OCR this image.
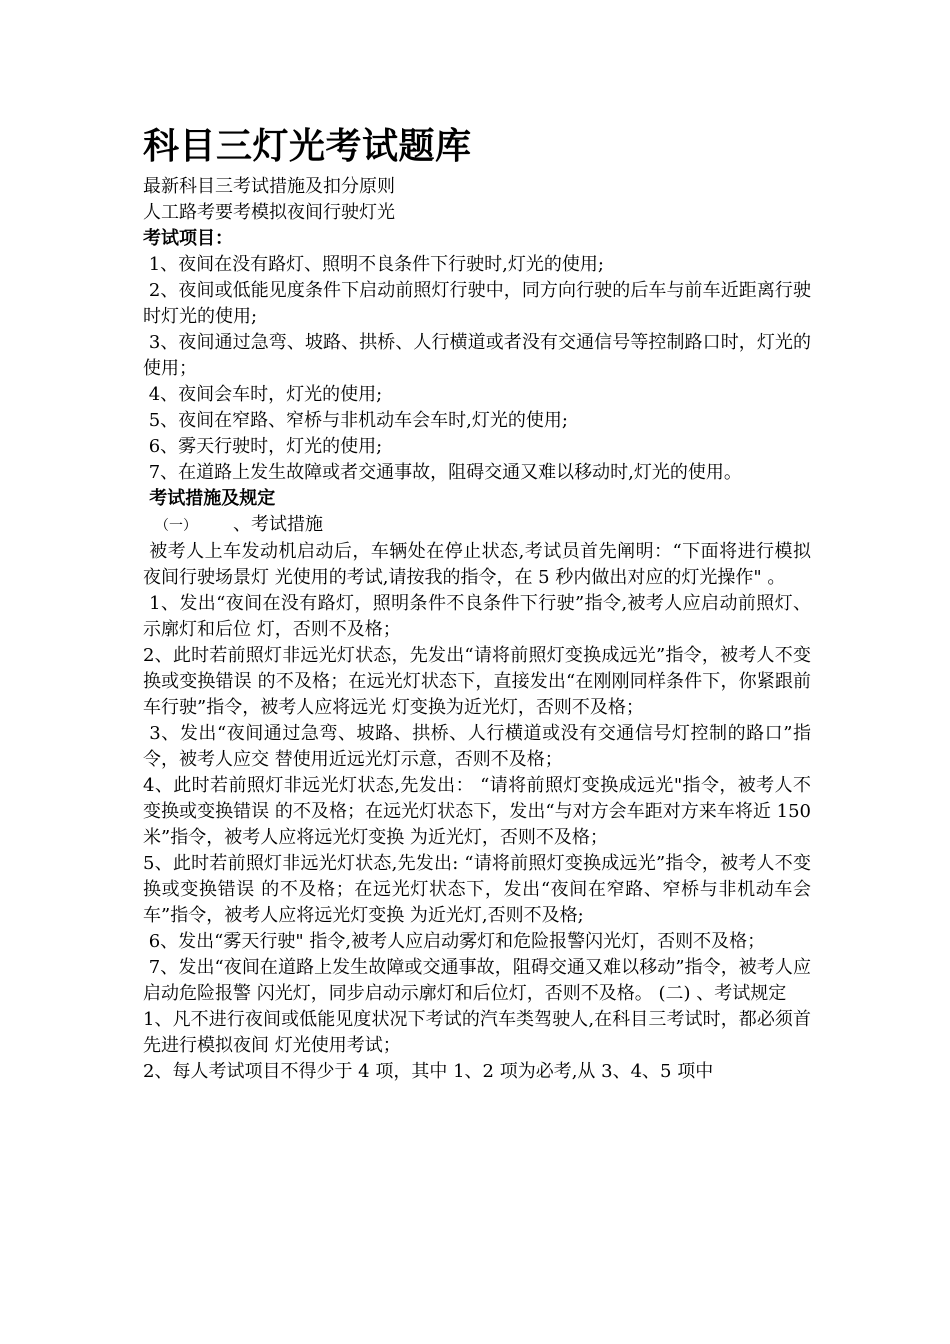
科目三灯光考试题库

最新科目三考试措施及扣分原则

人工路考要考模拟夜间行驶灯光

考试项目：

1、夜间在没有路灯、照明不良条件下行驶时,灯光的使用;

2、夜间或低能见度条件下启动前照灯行驶中，同方向行驶的后车与前车近距离行驶时灯光的使用;

3、夜间通过急弯、坡路、拱桥、人行横道或者没有交通信号等控制路口时，灯光的使用；

4、夜间会车时，灯光的使用;

5、夜间在窄路、窄桥与非机动车会车时,灯光的使用;

6、雾天行驶时，灯光的使用;

7、在道路上发生故障或者交通事故，阻碍交通又难以移动时,灯光的使用。

考试措施及规定

（一） 、考试措施

被考人上车发动机启动后，车辆处在停止状态,考试员首先阐明：“下面将进行模拟夜间行驶场景灯 光使用的考试,请按我的指令，在 5 秒内做出对应的灯光操作" 。

1、发出“夜间在没有路灯，照明条件不良条件下行驶”指令,被考人应启动前照灯、示廓灯和后位 灯，否则不及格；

2、此时若前照灯非远光灯状态，先发出“请将前照灯变换成远光”指令，被考人不变换或变换错误 的不及格；在远光灯状态下，直接发出“在刚刚同样条件下，你紧跟前车行驶”指令，被考人应将远光 灯变换为近光灯，否则不及格；

3、发出“夜间通过急弯、坡路、拱桥、人行横道或没有交通信号灯控制的路口”指令，被考人应交 替使用近远光灯示意，否则不及格；

4、此时若前照灯非远光灯状态,先发出： “请将前照灯变换成远光"指令，被考人不变换或变换错误 的不及格；在远光灯状态下，发出“与对方会车距对方来车将近 150 米”指令，被考人应将远光灯变换 为近光灯，否则不及格；

5、此时若前照灯非远光灯状态,先发出: “请将前照灯变换成远光”指令，被考人不变换或变换错误 的不及格；在远光灯状态下，发出“夜间在窄路、窄桥与非机动车会车”指令，被考人应将远光灯变换 为近光灯,否则不及格;

6、发出“雾天行驶" 指令,被考人应启动雾灯和危险报警闪光灯，否则不及格；

7、发出“夜间在道路上发生故障或交通事故，阻碍交通又难以移动”指令，被考人应启动危险报警 闪光灯，同步启动示廓灯和后位灯，否则不及格。 (二) 、考试规定

1、凡不进行夜间或低能见度状况下考试的汽车类驾驶人,在科目三考试时，都必须首先进行模拟夜间 灯光使用考试；

2、每人考试项目不得少于 4 项，其中 1、2 项为必考,从 3、4、5 项中
